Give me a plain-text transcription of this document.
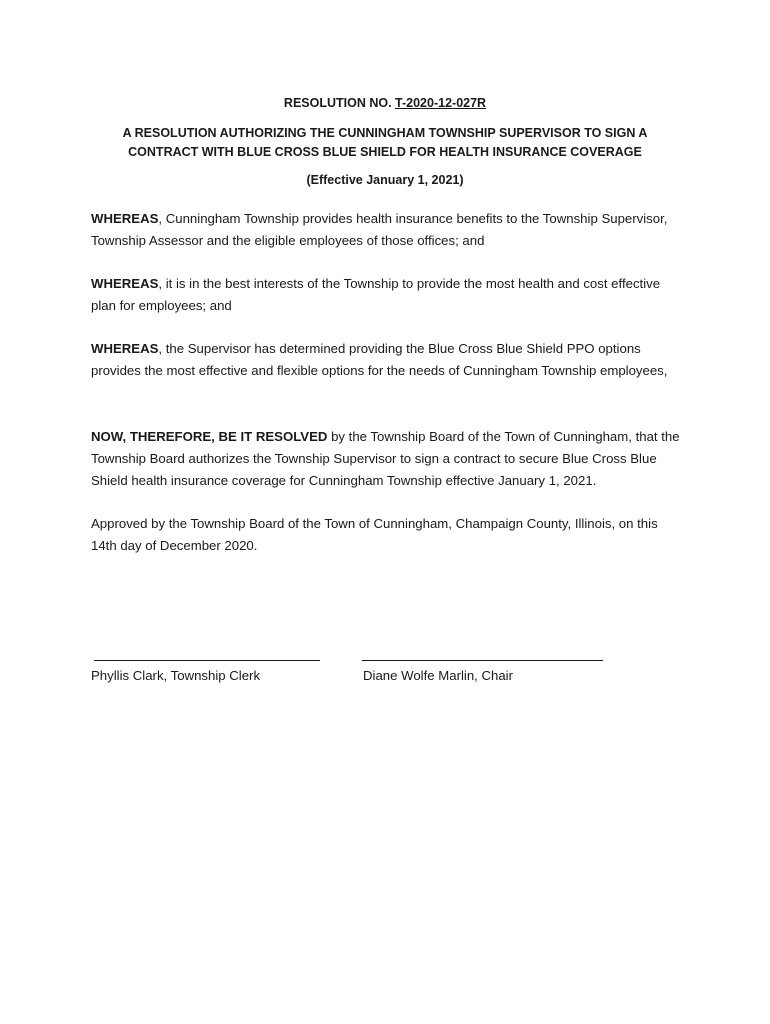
RESOLUTION NO. T-2020-12-027R
A RESOLUTION AUTHORIZING THE CUNNINGHAM TOWNSHIP SUPERVISOR TO SIGN A
CONTRACT WITH BLUE CROSS BLUE SHIELD FOR HEALTH INSURANCE COVERAGE
(Effective January 1, 2021)
WHEREAS, Cunningham Township provides health insurance benefits to the Township Supervisor, Township Assessor and the eligible employees of those offices; and
WHEREAS, it is in the best interests of the Township to provide the most health and cost effective plan for employees; and
WHEREAS, the Supervisor has determined providing the Blue Cross Blue Shield PPO options provides the most effective and flexible options for the needs of Cunningham Township employees,
NOW, THEREFORE, BE IT RESOLVED by the Township Board of the Town of Cunningham, that the Township Board authorizes the Township Supervisor to sign a contract to secure Blue Cross Blue Shield health insurance coverage for Cunningham Township effective January 1, 2021.
Approved by the Township Board of the Town of Cunningham, Champaign County, Illinois, on this 14th day of December 2020.
Phyllis Clark, Township Clerk	Diane Wolfe Marlin, Chair
